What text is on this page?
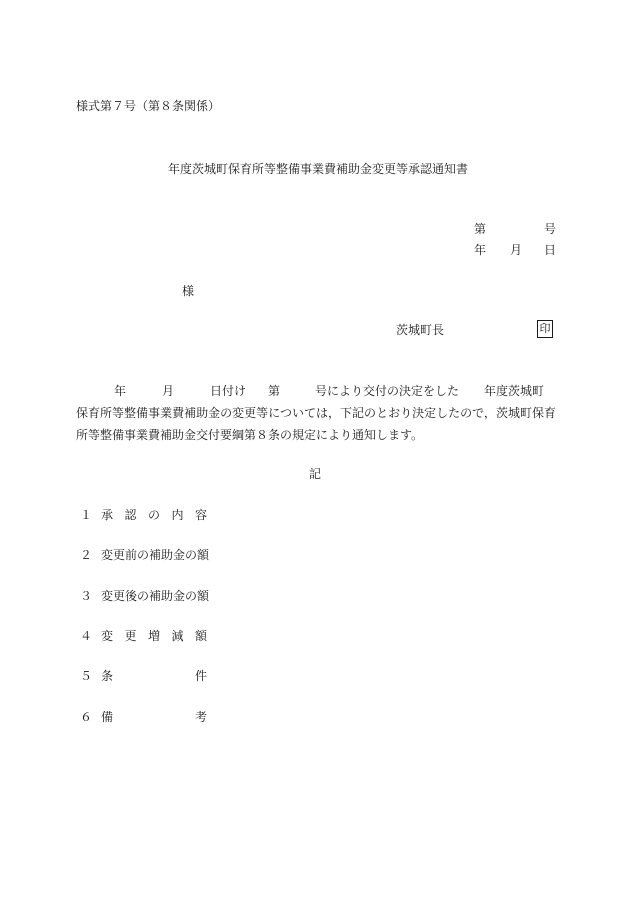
様式第７号（第８条関係）
年度茨城町保育所等整備事業費補助金変更等承認通知書
第	号
年 月 日
様
茨城町長	印
年	月	日付け 第	号により交付の決定をした 年度茨城町
保育所等整備事業費補助金の変更等については，下記のとおり決定したので，茨城町保育
所等整備事業費補助金交付要綱第８条の規定により通知します。
記
１ 承認の内容
２ 変更前の補助金の額
３ 変更後の補助金の額
４ 変更増減額
５ 条件
６ 備考
